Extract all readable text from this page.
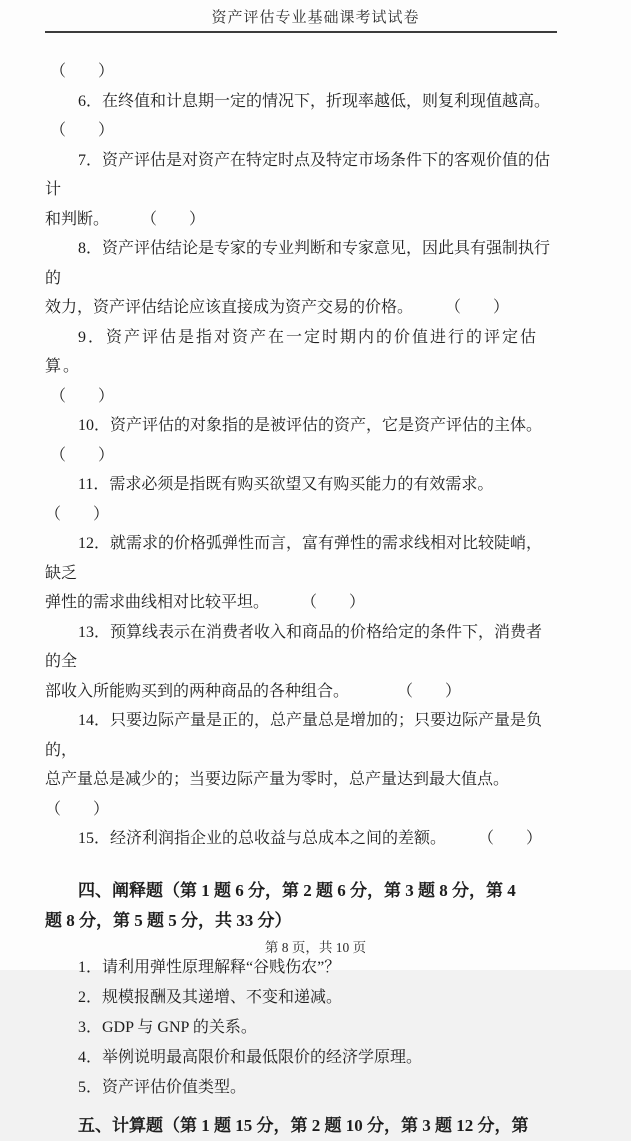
资产评估专业基础课考试试卷

（　　）

6．在终值和计息期一定的情况下，折现率越低，则复利现值越高。

（　　）

7．资产评估是对资产在特定时点及特定市场条件下的客观价值的估计

和判断。　　　（　　）

8．资产评估结论是专家的专业判断和专家意见，因此具有强制执行的

效力，资产评估结论应该直接成为资产交易的价格。　　　（　　）

9．资产评估是指对资产在一定时期内的价值进行的评定估算。

（　　）

10．资产评估的对象指的是被评估的资产，它是资产评估的主体。

（　　）

11．需求必须是指既有购买欲望又有购买能力的有效需求。　　（　　）

12．就需求的价格弧弹性而言，富有弹性的需求线相对比较陡峭，缺乏

弹性的需求曲线相对比较平坦。　　　（　　）

13．预算线表示在消费者收入和商品的价格给定的条件下，消费者的全

部收入所能购买到的两种商品的各种组合。　　　　（　　）

14．只要边际产量是正的，总产量总是增加的；只要边际产量是负的，

总产量总是减少的；当要边际产量为零时，总产量达到最大值点。　（　　）

15．经济利润指企业的总收益与总成本之间的差额。　　　（　　）

四、阐释题（第 1 题 6 分，第 2 题 6 分，第 3 题 8 分，第 4

题 8 分，第 5 题 5 分，共 33 分）

1．请利用弹性原理解释“谷贱伤农”？

2．规模报酬及其递增、不变和递减。

3．GDP 与 GNP 的关系。

4．举例说明最高限价和最低限价的经济学原理。

5．资产评估价值类型。

五、计算题（第 1 题 15 分，第 2 题 10 分，第 3 题 12 分，第

第 8 页，共 10 页
